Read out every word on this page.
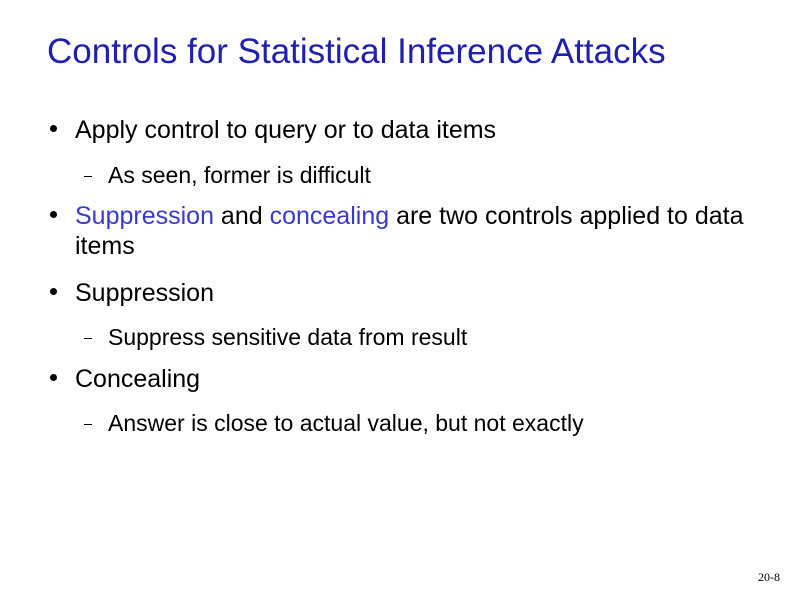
Controls for Statistical Inference Attacks
Apply control to query or to data items
As seen, former is difficult
Suppression and concealing are two controls applied to data items
Suppression
Suppress sensitive data from result
Concealing
Answer is close to actual value, but not exactly
20-8
